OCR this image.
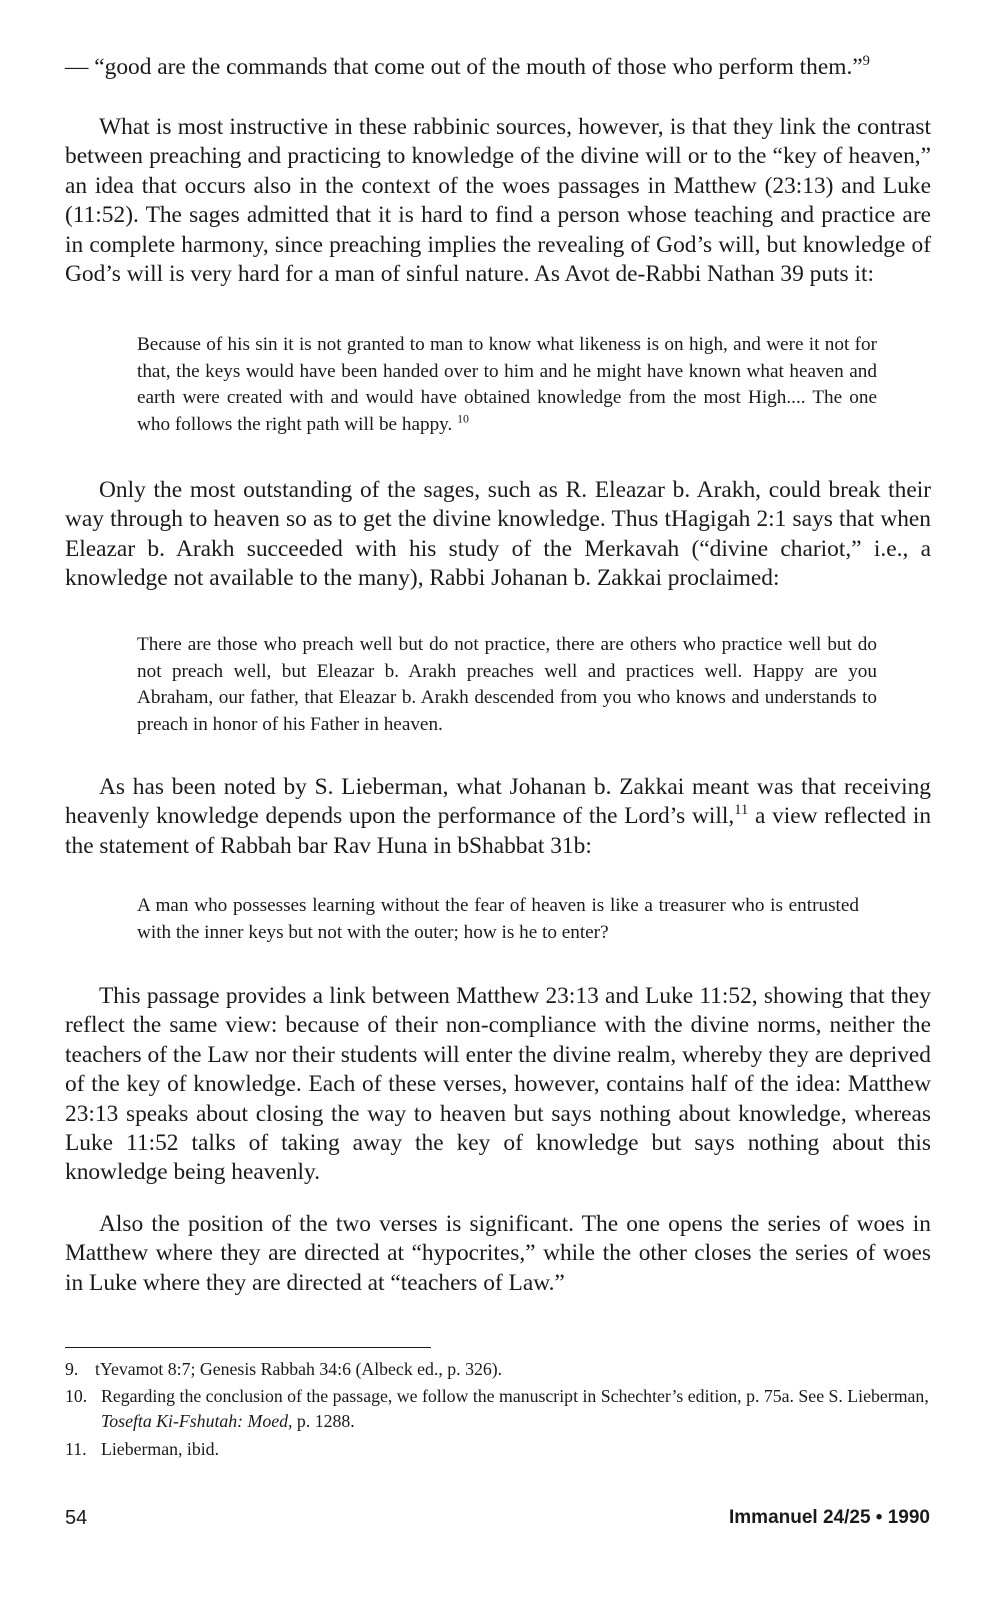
— “good are the commands that come out of the mouth of those who perform them.”$^9$

What is most instructive in these rabbinic sources, however, is that they link the contrast between preaching and practicing to knowledge of the divine will or to the “key of heaven,” an idea that occurs also in the context of the woes passages in Matthew (23:13) and Luke (11:52). The sages admitted that it is hard to find a person whose teaching and practice are in complete harmony, since preaching implies the revealing of God’s will, but knowledge of God’s will is very hard for a man of sinful nature. As Avot de-Rabbi Nathan 39 puts it:

Because of his sin it is not granted to man to know what likeness is on high, and were it not for that, the keys would have been handed over to him and he might have known what heaven and earth were created with and would have obtained knowledge from the most High.... The one who follows the right path will be happy. $^{10}$

Only the most outstanding of the sages, such as R. Eleazar b. Arakh, could break their way through to heaven so as to get the divine knowledge. Thus tHagigah 2:1 says that when Eleazar b. Arakh succeeded with his study of the Merkavah (“divine chariot,” i.e., a knowledge not available to the many), Rabbi Johanan b. Zakkai proclaimed:

There are those who preach well but do not practice, there are others who practice well but do not preach well, but Eleazar b. Arakh preaches well and practices well. Happy are you Abraham, our father, that Eleazar b. Arakh descended from you who knows and understands to preach in honor of his Father in heaven.

As has been noted by S. Lieberman, what Johanan b. Zakkai meant was that receiving heavenly knowledge depends upon the performance of the Lord’s will,$^{11}$ a view reflected in the statement of Rabbah bar Rav Huna in bShabbat 31b:

A man who possesses learning without the fear of heaven is like a treasurer who is entrusted with the inner keys but not with the outer; how is he to enter?

This passage provides a link between Matthew 23:13 and Luke 11:52, showing that they reflect the same view: because of their non-compliance with the divine norms, neither the teachers of the Law nor their students will enter the divine realm, whereby they are deprived of the key of knowledge. Each of these verses, however, contains half of the idea: Matthew 23:13 speaks about closing the way to heaven but says nothing about knowledge, whereas Luke 11:52 talks of taking away the key of knowledge but says nothing about this knowledge being heavenly.

Also the position of the two verses is significant. The one opens the series of woes in Matthew where they are directed at “hypocrites,” while the other closes the series of woes in Luke where they are directed at “teachers of Law.”

9. tYevamot 8:7; Genesis Rabbah 34:6 (Albeck ed., p. 326).

10. Regarding the conclusion of the passage, we follow the manuscript in Schechter’s edition, p. 75a. See S. Lieberman, Tosefta Ki-Fshutah: Moed, p. 1288.

11. Lieberman, ibid.

54	Immanuel 24/25 • 1990
